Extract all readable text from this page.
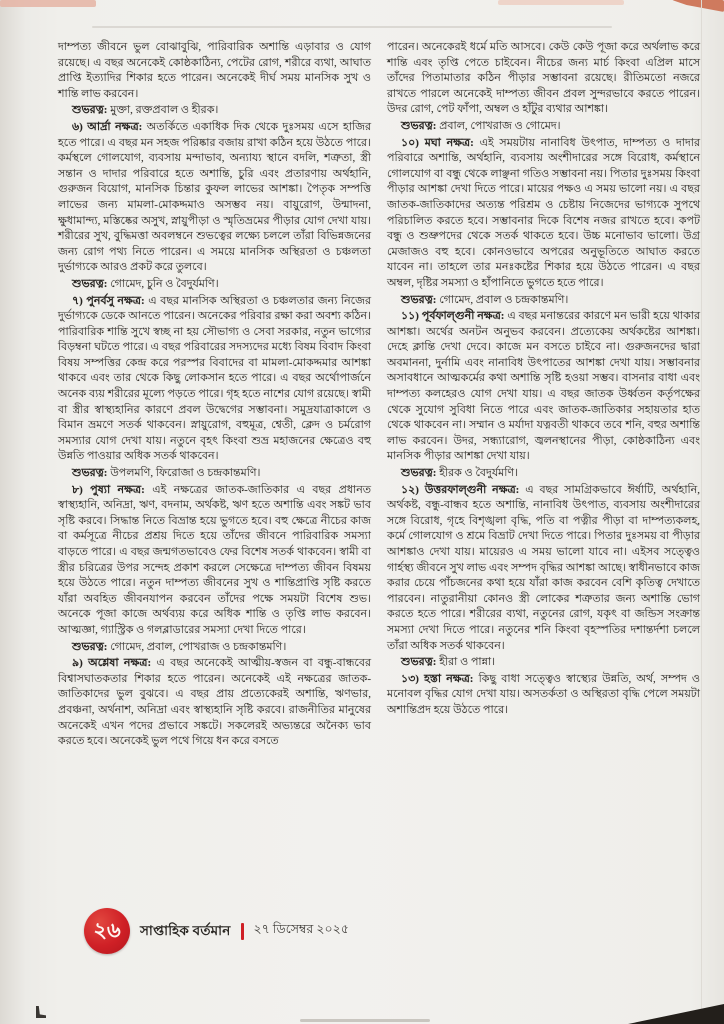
দাম্পত্য জীবনে ভুল বোঝাবুঝি, পারিবারিক অশান্তি এড়াবার ও যোগ রয়েছে। এ বছর অনেকেই কোষ্ঠকাঠিন্য, পেটের রোগ, শরীরে ব্যথা, আঘাত প্রাপ্তি ইত্যাদির শিকার হতে পারেন। অনেকেই দীর্ঘ সময় মানসিক সুখ ও শান্তি লাভ করবেন।

শুভরত্ন: মুক্তা, রক্তপ্রবাল ও হীরক।

৬) আর্দ্রা নক্ষত্র: অতর্কিতে একাধিক দিক থেকে দুঃসময় এসে হাজির হতে পারে। এ বছর মন সহজ পরিষ্কার বজায় রাখা কঠিন হয়ে উঠতে পারে। কর্মস্থলে গোলযোগ, ব্যবসায় মন্দাভাব, অন্যায্য স্থানে বদলি, শত্রুতা, স্ত্রী সন্তান ও দাদার পরিবারে হতে অশান্তি, চুরি এবং প্রতারণায় অর্থহানি, গুরুজন বিয়োগ, মানসিক চিন্তার কুফল লাভের আশঙ্কা। পৈতৃক সম্পত্তি লাভের জন্য মামলা-মোকদ্দমাও অসম্ভব নয়। বায়ুরোগ, উন্মাদনা, ক্ষুধামান্দ্য, মস্তিষ্কের অসুখ, স্নায়ুপীড়া ও স্মৃতিভ্রমের পীড়ার যোগ দেখা যায়। শরীরের সুখ, বুদ্ধিমত্তা অবলম্বনে শুভত্বের লক্ষ্যে চললে তাঁরা বিভিন্নজনের জন্য রোগ পথ্য নিতে পারেন। এ সময়ে মানসিক অস্থিরতা ও চঞ্চলতা দুর্ভাগ্যকে আরও প্রকট করে তুলবে।

শুভরত্ন: গোমেদ, চুনি ও বৈদুর্যমণি।

৭) পুনর্বসু নক্ষত্র: এ বছর মানসিক অস্থিরতা ও চঞ্চলতার জন্য নিজের দুর্ভাগ্যকে ডেকে আনতে পারেন। অনেকের পরিবার রক্ষা করা অবশ্য কঠিন। পারিবারিক শান্তি সুখে স্বচ্ছ না হয় সৌভাগ্য ও সেবা সরকার, নতুন ভাগ্যের বিড়ম্বনা ঘটতে পারে। এ বছর পরিবারের সদস্যদের মধ্যে বিষম বিবাদ কিংবা বিষয় সম্পত্তির কেন্দ্র করে পরস্পর বিবাদের বা মামলা-মোকদ্দমার আশঙ্কা থাকবে এবং তার থেকে কিছু লোকসান হতে পারে। এ বছর অর্থোপার্জনে অনেক ব্যয় শরীরের মূল্যে পড়তে পারে। গৃহ হতে নাশের যোগ রয়েছে। স্বামী বা স্ত্রীর স্বাস্থ্যহানির কারণে প্রবল উদ্বেগের সম্ভাবনা। সমুদ্রযাত্রাকালে ও বিমান ভ্রমণে সতর্ক থাকবেন। স্নায়ুরোগ, বহুমূত্র, শ্বেতী, ক্লেদ ও চর্মরোগ সমস্যার যোগ দেখা যায়। নতুনে বৃহৎ কিংবা শুভ্র মহাজনের ক্ষেত্রেও বহু উন্নতি পাওয়ার অধিক সতর্ক থাকবেন।

শুভরত্ন: উপলমণি, ফিরোজা ও চন্দ্রকান্তমণি।

৮) পুষ্যা নক্ষত্র: এই নক্ষত্রের জাতক-জাতিকার এ বছর প্রধানত স্বাস্থ্যহানি, অনিদ্রা, ঋণ, বদনাম, অর্থকষ্ট, ঋণ হতে অশান্তি এবং সঙ্কট ভাব সৃষ্টি করবে। সিদ্ধান্ত নিতে বিভ্রান্ত হয়ে ভুগতে হবে। বহু ক্ষেত্রে নীচের কাজ বা কর্মসূত্রে নীচের প্রশ্রয় দিতে হয়ে তাঁদের জীবনে পারিবারিক সমস্যা বাড়তে পারে। এ বছর জন্মগতভাবেও ফের বিশেষ সতর্ক থাকবেন। স্বামী বা স্ত্রীর চরিত্রের উপর সন্দেহ প্রকাশ করলে সেক্ষেত্রে দাম্পত্য জীবন বিষময় হয়ে উঠতে পারে। নতুন দাম্পত্য জীবনের সুখ ও শান্তিপ্রাপ্তি সৃষ্টি করতে যাঁরা অবহিত জীবনযাপন করবেন তাঁদের পক্ষে সময়টা বিশেষ শুভ। অনেকে পূজা কাজে অর্থব্যয় করে অধিক শান্তি ও তৃপ্তি লাভ করবেন। আত্মজ্ঞা, গ্যাস্ট্রিক ও গলব্লাডারের সমস্যা দেখা দিতে পারে।

শুভরত্ন: গোমেদ, প্রবাল, পোখরাজ ও চন্দ্রকান্তমণি।

৯) অশ্লেষা নক্ষত্র: এ বছর অনেকেই আত্মীয়-স্বজন বা বন্ধু-বান্ধবের বিশ্বাসঘাতকতার শিকার হতে পারেন। অনেকেই এই নক্ষত্রের জাতক-জাতিকাদের ভুল বুঝবে। এ বছর প্রায় প্রত্যেকেরই অশান্তি, ঋণভার, প্রবঞ্চনা, অর্থনাশ, অনিদ্রা এবং স্বাস্থ্যহানি সৃষ্টি করবে। রাজনীতির মানুষের অনেকেই এখন পদের প্রভাবে সঙ্কটে। সকলেরই অভ্যন্তরে অনৈক্য ভাব করতে হবে। অনেকেই ভুল পথে গিয়ে ধন করে বসতে

পারেন। অনেকেরই ধর্মে মতি আসবে। কেউ কেউ পূজা করে অর্থলাভ করে শান্তি এবং তৃপ্তি পেতে চাইবেন। নীচের জন্য মার্চ কিংবা এপ্রিল মাসে তাঁদের পিতামাতার কঠিন পীড়ার সম্ভাবনা রয়েছে। রীতিমতো নজরে রাখতে পারলে অনেকেই দাম্পত্য জীবন প্রবল সুন্দরভাবে করতে পারেন। উদর রোগ, পেট ফাঁপা, অম্বল ও হাঁটুর ব্যথার আশঙ্কা।

শুভরত্ন: প্রবাল, পোখরাজ ও গোমেদ।

১০) মঘা নক্ষত্র: এই সময়টায় নানাবিধ উৎপাত, দাম্পত্য ও দাদার পরিবারে অশান্তি, অর্থহানি, ব্যবসায় অংশীদারের সঙ্গে বিরোধ, কর্মস্থানে গোলযোগ বা বন্ধু থেকে লাঞ্ছনা গতিও সম্ভাবনা নয়। পিতার দুঃসময় কিংবা পীড়ার আশঙ্কা দেখা দিতে পারে। মায়ের পক্ষও এ সময় ভালো নয়। এ বছর জাতক-জাতিকাদের অত্যন্ত পরিশ্রম ও চেষ্টায় নিজেদের ভাগ্যকে সুপথে পরিচালিত করতে হবে। সম্ভাবনার দিকে বিশেষ নজর রাখতে হবে। কপট বন্ধু ও শুভ্রুপদের থেকে সতর্ক থাকতে হবে। উচ্চ মনোভাব ভালো। উগ্র মেজাজও বহু হবে। কোনওভাবে অপরের অনুভূতিতে আঘাত করতে যাবেন না। তাহলে তার মনঃকষ্টের শিকার হয়ে উঠতে পারেন। এ বছর অম্বল, দৃষ্টির সমস্যা ও হাঁপানিতে ভুগতে হতে পারে।

শুভরত্ন: গোমেদ, প্রবাল ও চন্দ্রকান্তমণি।

১১) পূর্বফাল্গুনী নক্ষত্র: এ বছর মনান্তরের কারণে মন ভারী হয়ে থাকার আশঙ্কা। অর্থের অনটন অনুভব করবেন। প্রত্যেকেয় অর্থকষ্টের আশঙ্কা। দেহে ক্লান্তি দেখা দেবে। কাজে মন বসতে চাইবে না। গুরুজনদের দ্বারা অবমাননা, দুর্নামি এবং নানাবিধ উৎপাতের আশঙ্কা দেখা যায়। সম্ভাবনার অসাবধানে আত্মকর্মের কথা অশান্তি সৃষ্টি হওয়া সম্ভব। বাসনার বাধা এবং দাম্পত্য কলহেরও যোগ দেখা যায়। এ বছর জাতক উর্ধ্বতন কর্তৃপক্ষের থেকে সুযোগ সুবিধা নিতে পারে এবং জাতক-জাতিকার সহায়তার হাত থেকে থাকবেন না। সম্মান ও মর্যাদা যত্নবতী থাকবে তবে শনি, বহুর অশান্তি লাভ করবেন। উদর, সন্ধ্যারোগ, জ্বলনস্থানের পীড়া, কোষ্ঠকাঠিন্য এবং মানসিক পীড়ার আশঙ্কা দেখা যায়।

শুভরত্ন: হীরক ও বৈদুর্যমণি।

১২) উত্তরফাল্গুনী নক্ষত্র: এ বছর সামগ্রিকভাবে ঈর্ষাটি, অর্থহানি, অর্থকষ্ট, বন্ধু-বান্ধব হতে অশান্তি, নানাবিধ উৎপাত, ব্যবসায় অংশীদারের সঙ্গে বিরোধ, গৃহে বিশৃঙ্খলা বৃদ্ধি, পতি বা পত্নীর পীড়া বা দাম্পত্যকলহ, কর্মে গোলযোগ ও শ্রমে বিভ্রাট দেখা দিতে পারে। পিতার দুঃসময় বা পীড়ার আশঙ্কাও দেখা যায়। মায়েরও এ সময় ভালো যাবে না। এইসব সত্ত্বেও গার্হস্থ্য জীবনে সুখ লাভ এবং সম্পদ বৃদ্ধির আশঙ্কা আছে। স্বাধীনভাবে কাজ করার চেয়ে পাঁচজনের কথা হয়ে যাঁরা কাজ করবেন বেশি কৃতিত্ব দেখাতে পারবেন। নাতুরানীয়া কোনও স্ত্রী লোকের শত্রুতার জন্য অশান্তি ভোগ করতে হতে পারে। শরীরের ব্যথা, নতুনের রোগ, যকৃৎ বা জন্ডিস সংক্রান্ত সমস্যা দেখা দিতে পারে। নতুনের শনি কিংবা বৃহস্পতির দশান্তর্দশা চললে তাঁরা অধিক সতর্ক থাকবেন।

শুভরত্ন: হীরা ও পান্না।

১৩) হস্তা নক্ষত্র: কিছু বাধা সত্ত্বেও স্বাস্থ্যের উন্নতি, অর্থ, সম্পদ ও মনোবল বৃদ্ধির যোগ দেখা যায়। অসতর্কতা ও অস্থিরতা বৃদ্ধি পেলে সময়টা অশান্তিপ্রদ হয়ে উঠতে পারে।

২৬ সাপ্তাহিক বর্তমান ২৭ ডিসেম্বর ২০২৫
